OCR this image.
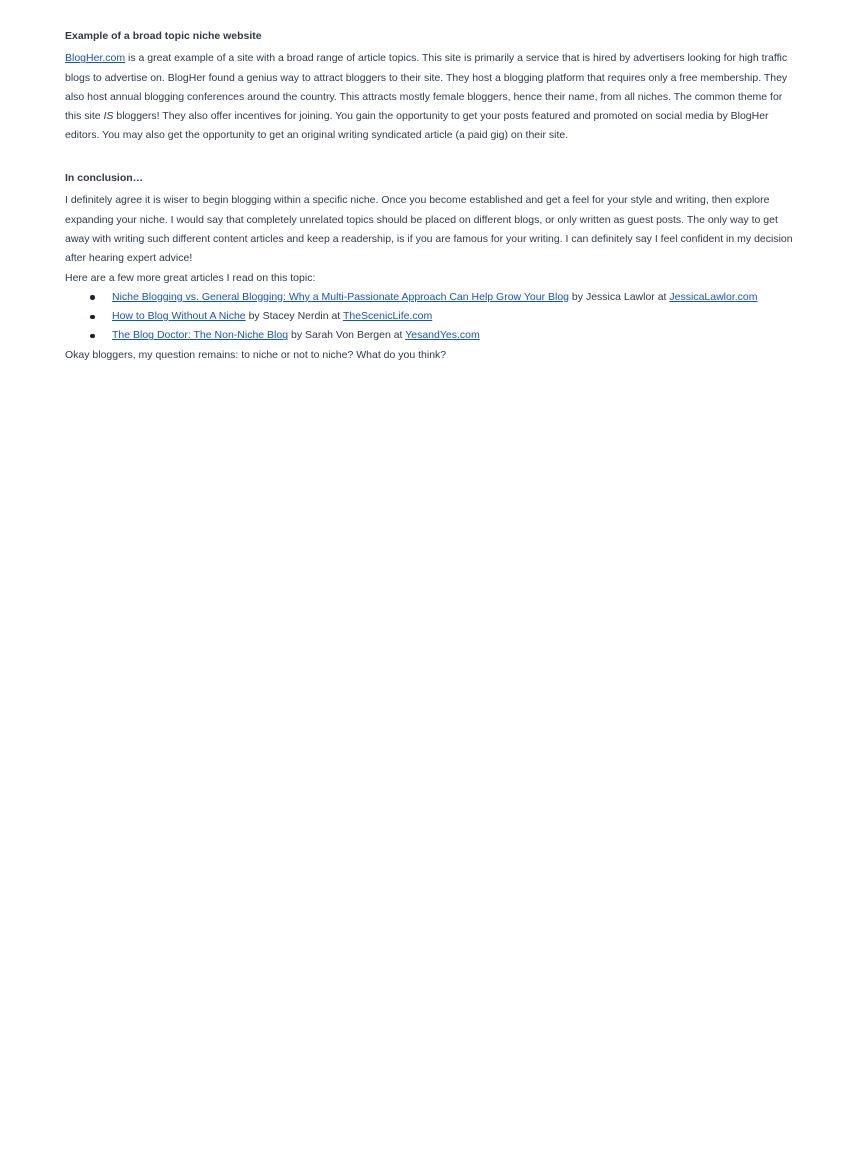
Example of a broad topic niche website

BlogHer.com is a great example of a site with a broad range of article topics. This site is primarily a service that is hired by advertisers looking for high traffic blogs to advertise on. BlogHer found a genius way to attract bloggers to their site. They host a blogging platform that requires only a free membership. They also host annual blogging conferences around the country. This attracts mostly female bloggers, hence their name, from all niches. The common theme for this site IS bloggers! They also offer incentives for joining. You gain the opportunity to get your posts featured and promoted on social media by BlogHer editors. You may also get the opportunity to get an original writing syndicated article (a paid gig) on their site.

In conclusion…

I definitely agree it is wiser to begin blogging within a specific niche. Once you become established and get a feel for your style and writing, then explore expanding your niche. I would say that completely unrelated topics should be placed on different blogs, or only written as guest posts. The only way to get away with writing such different content articles and keep a readership, is if you are famous for your writing. I can definitely say I feel confident in my decision after hearing expert advice!

Here are a few more great articles I read on this topic:

Niche Blogging vs. General Blogging: Why a Multi-Passionate Approach Can Help Grow Your Blog by Jessica Lawlor at JessicaLawlor.com
How to Blog Without A Niche by Stacey Nerdin at TheScenicLife.com
The Blog Doctor: The Non-Niche Blog by Sarah Von Bergen at YesandYes.com

Okay bloggers, my question remains: to niche or not to niche? What do you think?
